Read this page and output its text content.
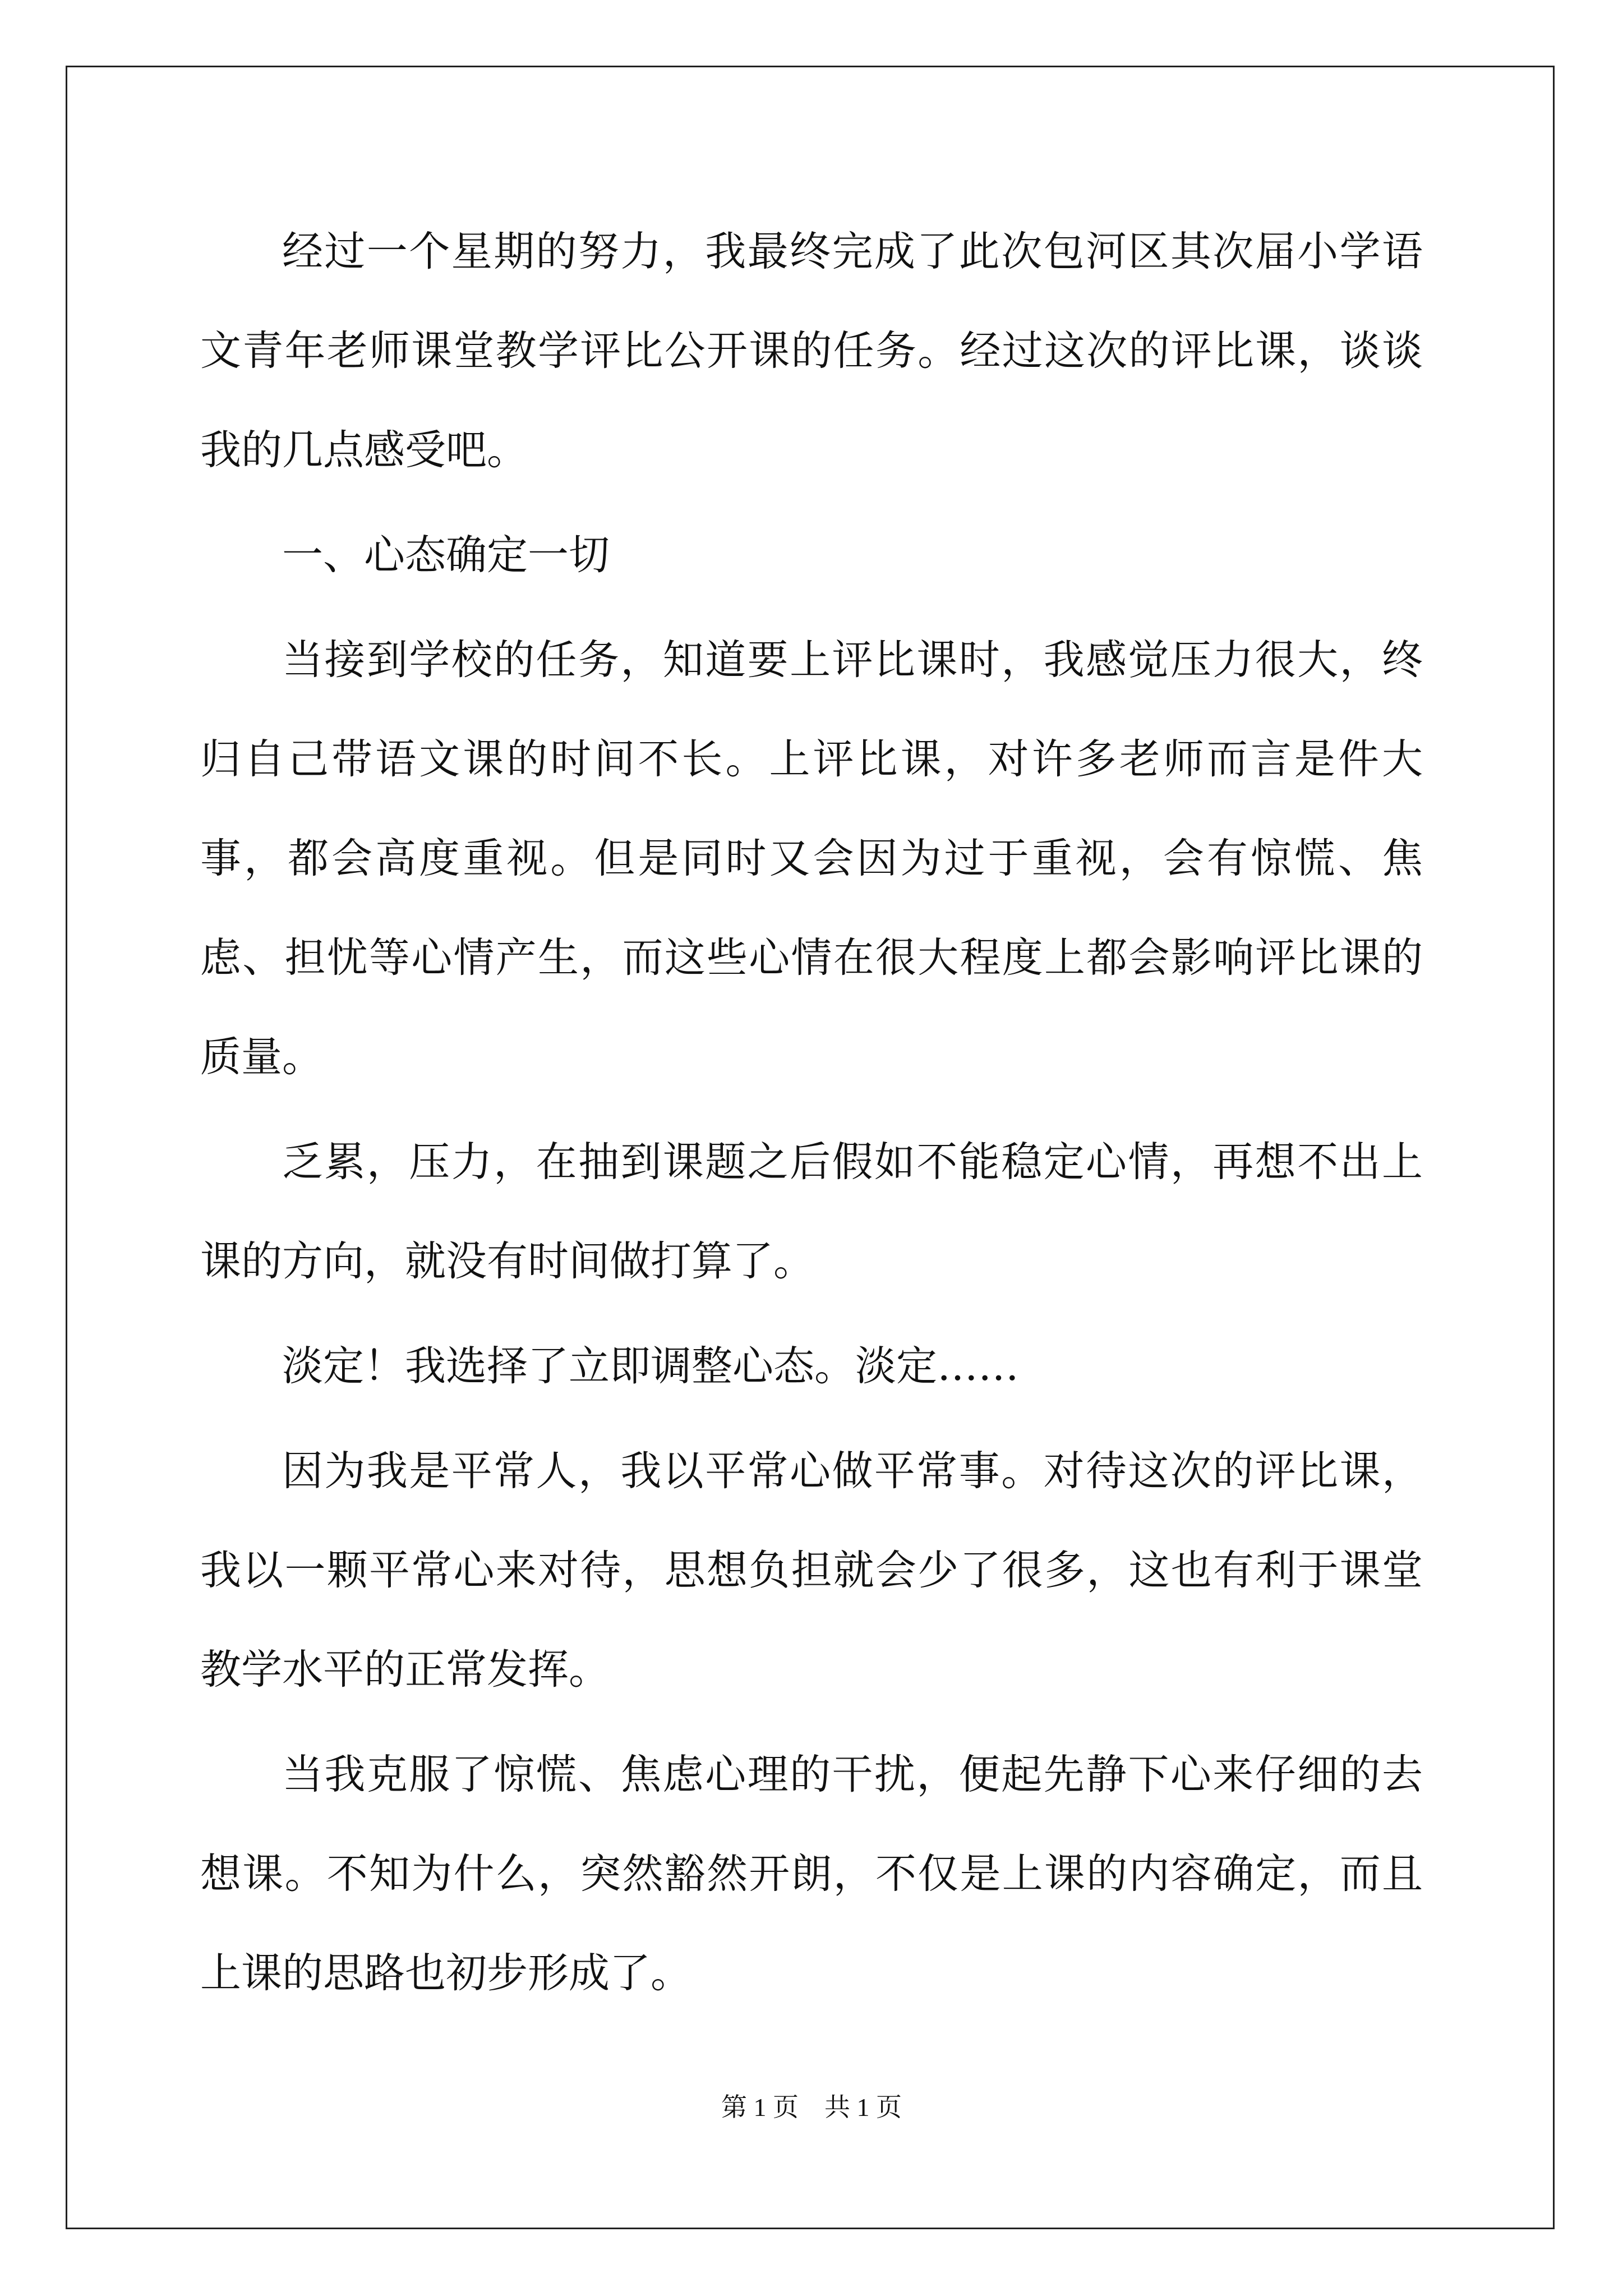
经过一个星期的努力，我最终完成了此次包河区其次届小学语文青年老师课堂教学评比公开课的任务。经过这次的评比课，谈谈我的几点感受吧。

一、心态确定一切

当接到学校的任务，知道要上评比课时，我感觉压力很大，终归自己带语文课的时间不长。上评比课，对许多老师而言是件大事，都会高度重视。但是同时又会因为过于重视，会有惊慌、焦虑、担忧等心情产生，而这些心情在很大程度上都会影响评比课的质量。

乏累，压力，在抽到课题之后假如不能稳定心情，再想不出上课的方向，就没有时间做打算了。

淡定！我选择了立即调整心态。淡定……

因为我是平常人，我以平常心做平常事。对待这次的评比课，我以一颗平常心来对待，思想负担就会少了很多，这也有利于课堂教学水平的正常发挥。

当我克服了惊慌、焦虑心理的干扰，便起先静下心来仔细的去想课。不知为什么，突然豁然开朗，不仅是上课的内容确定，而且上课的思路也初步形成了。

第 1 页    共 1 页
